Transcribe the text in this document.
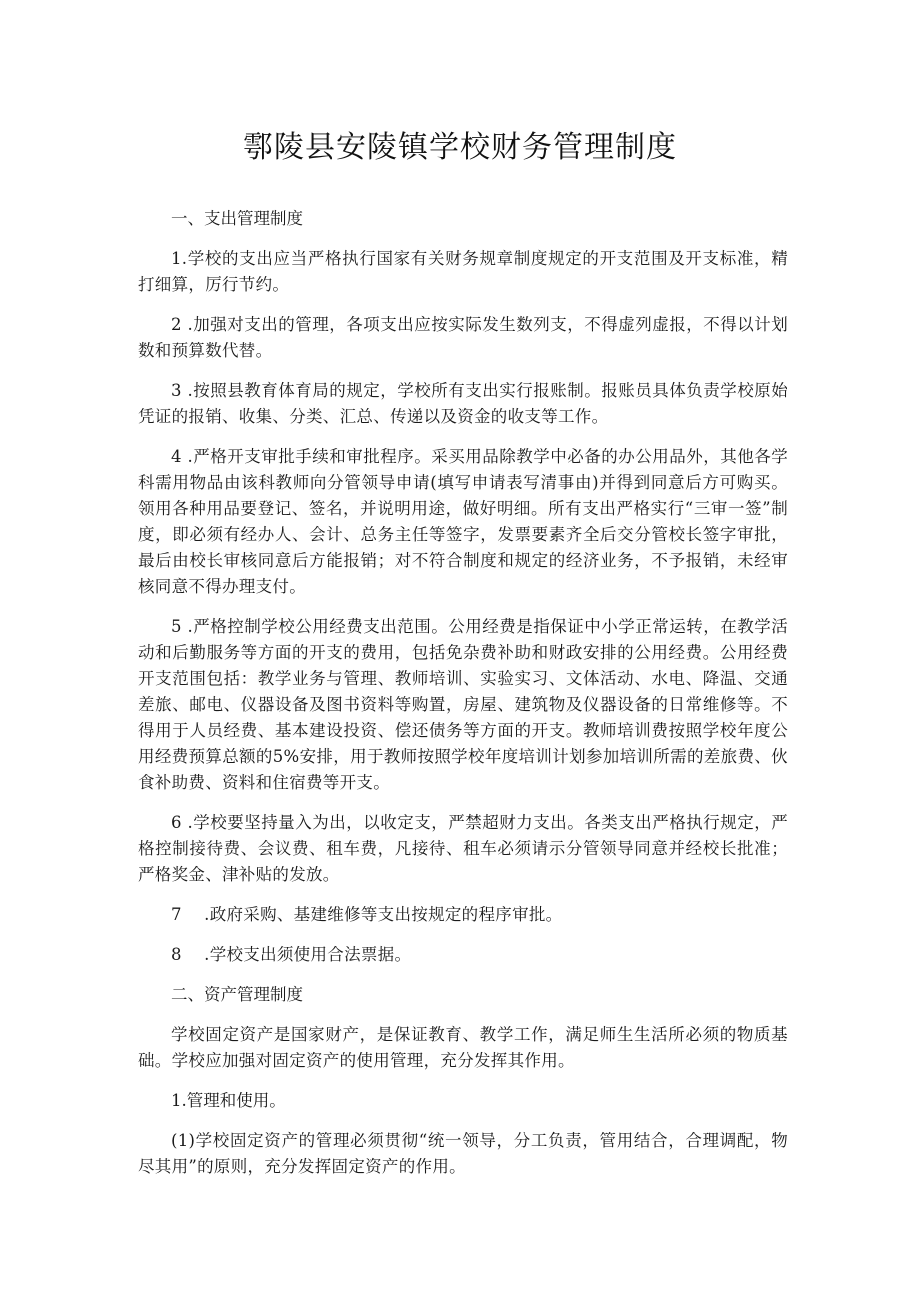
鄠陵县安陵镇学校财务管理制度

一、支出管理制度

1.学校的支出应当严格执行国家有关财务规章制度规定的开支范围及开支标准，精打细算，厉行节约。

2 .加强对支出的管理，各项支出应按实际发生数列支，不得虚列虚报，不得以计划数和预算数代替。

3 .按照县教育体育局的规定，学校所有支出实行报账制。报账员具体负责学校原始凭证的报销、收集、分类、汇总、传递以及资金的收支等工作。

4 .严格开支审批手续和审批程序。采买用品除教学中必备的办公用品外，其他各学科需用物品由该科教师向分管领导申请(填写申请表写清事由)并得到同意后方可购买。领用各种用品要登记、签名，并说明用途，做好明细。所有支出严格实行“三审一签”制度，即必须有经办人、会计、总务主任等签字，发票要素齐全后交分管校长签字审批，最后由校长审核同意后方能报销；对不符合制度和规定的经济业务，不予报销，未经审核同意不得办理支付。

5 .严格控制学校公用经费支出范围。公用经费是指保证中小学正常运转，在教学活动和后勤服务等方面的开支的费用，包括免杂费补助和财政安排的公用经费。公用经费开支范围包括：教学业务与管理、教师培训、实验实习、文体活动、水电、降温、交通差旅、邮电、仪器设备及图书资料等购置，房屋、建筑物及仪器设备的日常维修等。不得用于人员经费、基本建设投资、偿还债务等方面的开支。教师培训费按照学校年度公用经费预算总额的5%安排，用于教师按照学校年度培训计划参加培训所需的差旅费、伙食补助费、资料和住宿费等开支。

6 .学校要坚持量入为出，以收定支，严禁超财力支出。各类支出严格执行规定，严格控制接待费、会议费、租车费，凡接待、租车必须请示分管领导同意并经校长批准；严格奖金、津补贴的发放。

7　 .政府采购、基建维修等支出按规定的程序审批。

8　 .学校支出须使用合法票据。

二、资产管理制度

学校固定资产是国家财产，是保证教育、教学工作，满足师生生活所必须的物质基础。学校应加强对固定资产的使用管理，充分发挥其作用。

1.管理和使用。

(1)学校固定资产的管理必须贯彻“统一领导，分工负责，管用结合，合理调配，物尽其用”的原则，充分发挥固定资产的作用。
